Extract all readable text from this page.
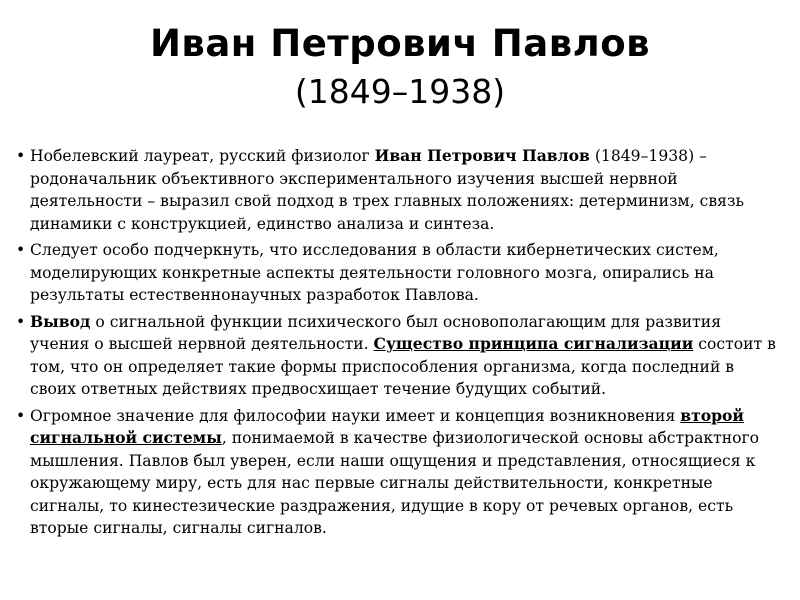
Иван Петрович Павлов
(1849–1938)
• Нобелевский лауреат, русский физиолог Иван Петрович Павлов (1849–1938) – родоначальник объективного экспериментального изучения высшей нервной деятельности – выразил свой подход в трех главных положениях: детерминизм, связь динамики с конструкцией, единство анализа и синтеза.
• Следует особо подчеркнуть, что исследования в области кибернетических систем, моделирующих конкретные аспекты деятельности головного мозга, опирались на результаты естественнонаучных разработок Павлова.
• Вывод о сигнальной функции психического был основополагающим для развития учения о высшей нервной деятельности. Существо принципа сигнализации состоит в том, что он определяет такие формы приспособления организма, когда последний в своих ответных действиях предвосхищает течение будущих событий.
• Огромное значение для философии науки имеет и концепция возникновения второй сигнальной системы, понимаемой в качестве физиологической основы абстрактного мышления. Павлов был уверен, если наши ощущения и представления, относящиеся к окружающему миру, есть для нас первые сигналы действительности, конкретные сигналы, то кинестезические раздражения, идущие в кору от речевых органов, есть вторые сигналы, сигналы сигналов.
